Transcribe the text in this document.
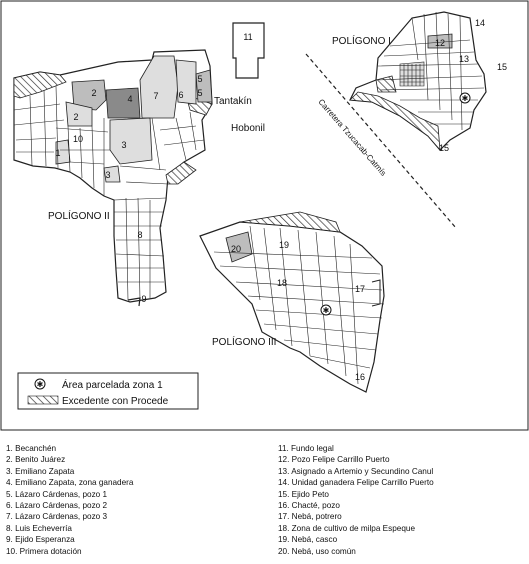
✱
✱
POLÍGONO I
POLÍGONO II
POLÍGONO III
Tantakín
Hobonil	Carretera Tzucacab-Catmís
1
2
2
3
3
4
5
5
6
7
8
9
10
11
12
13
14
15
15
16
17
18
19
20
✱ Área parcelada zona 1
Excedente con Procede
1. Becanchén
2. Benito Juárez
3. Emiliano Zapata
4. Emiliano Zapata, zona ganadera
5. Lázaro Cárdenas, pozo 1
6. Lázaro Cárdenas, pozo 2
7. Lázaro Cárdenas, pozo 3
8. Luis Echeverría
9. Ejido Esperanza
10. Primera dotación
11. Fundo legal
12. Pozo Felipe Carrillo Puerto
13. Asignado a Artemio y Secundino Canul
14. Unidad ganadera Felipe Carrillo Puerto
15. Ejido Peto
16. Chacté, pozo
17. Nebá, potrero
18. Zona de cultivo de milpa Espeque
19. Nebá, casco
20. Nebá, uso común
